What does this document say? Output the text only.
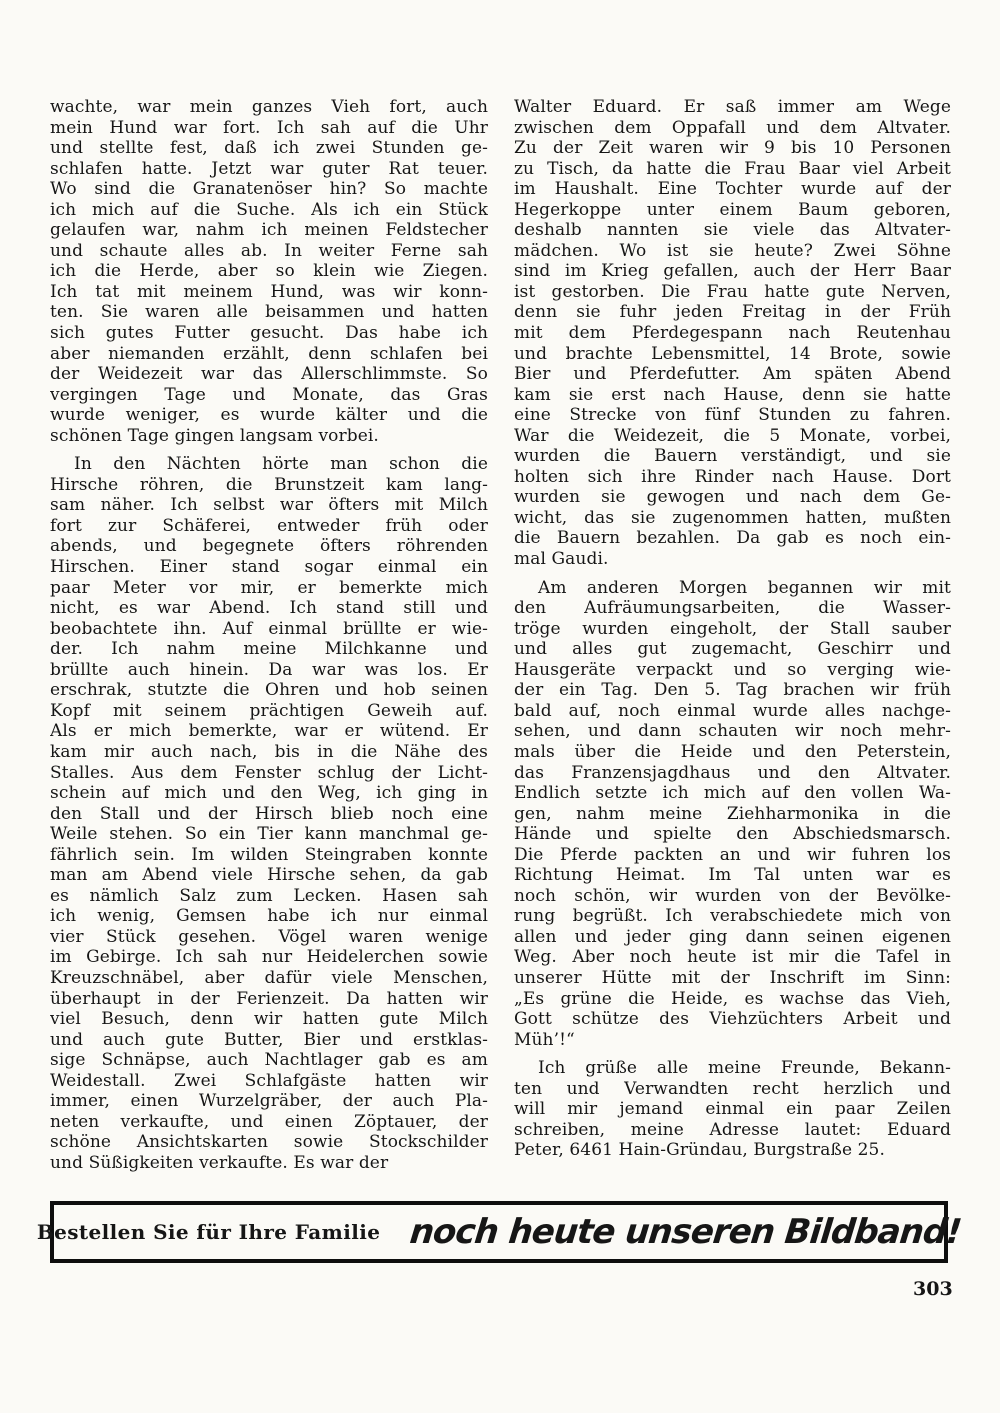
wachte, war mein ganzes Vieh fort, auch
mein Hund war fort. Ich sah auf die Uhr
und stellte fest, daß ich zwei Stunden ge-
schlafen hatte. Jetzt war guter Rat teuer.
Wo sind die Granatenöser hin? So machte
ich mich auf die Suche. Als ich ein Stück
gelaufen war, nahm ich meinen Feldstecher
und schaute alles ab. In weiter Ferne sah
ich die Herde, aber so klein wie Ziegen.
Ich tat mit meinem Hund, was wir konn-
ten. Sie waren alle beisammen und hatten
sich gutes Futter gesucht. Das habe ich
aber niemanden erzählt, denn schlafen bei
der Weidezeit war das Allerschlimmste. So
vergingen Tage und Monate, das Gras
wurde weniger, es wurde kälter und die
schönen Tage gingen langsam vorbei.
In den Nächten hörte man schon die
Hirsche röhren, die Brunstzeit kam lang-
sam näher. Ich selbst war öfters mit Milch
fort zur Schäferei, entweder früh oder
abends, und begegnete öfters röhrenden
Hirschen. Einer stand sogar einmal ein
paar Meter vor mir, er bemerkte mich
nicht, es war Abend. Ich stand still und
beobachtete ihn. Auf einmal brüllte er wie-
der. Ich nahm meine Milchkanne und
brüllte auch hinein. Da war was los. Er
erschrak, stutzte die Ohren und hob seinen
Kopf mit seinem prächtigen Geweih auf.
Als er mich bemerkte, war er wütend. Er
kam mir auch nach, bis in die Nähe des
Stalles. Aus dem Fenster schlug der Licht-
schein auf mich und den Weg, ich ging in
den Stall und der Hirsch blieb noch eine
Weile stehen. So ein Tier kann manchmal ge-
fährlich sein. Im wilden Steingraben konnte
man am Abend viele Hirsche sehen, da gab
es nämlich Salz zum Lecken. Hasen sah
ich wenig, Gemsen habe ich nur einmal
vier Stück gesehen. Vögel waren wenige
im Gebirge. Ich sah nur Heidelerchen sowie
Kreuzschnäbel, aber dafür viele Menschen,
überhaupt in der Ferienzeit. Da hatten wir
viel Besuch, denn wir hatten gute Milch
und auch gute Butter, Bier und erstklas-
sige Schnäpse, auch Nachtlager gab es am
Weidestall. Zwei Schlafgäste hatten wir
immer, einen Wurzelgräber, der auch Pla-
neten verkaufte, und einen Zöptauer, der
schöne Ansichtskarten sowie Stockschilder
und Süßigkeiten verkaufte. Es war der
Walter Eduard. Er saß immer am Wege
zwischen dem Oppafall und dem Altvater.
Zu der Zeit waren wir 9 bis 10 Personen
zu Tisch, da hatte die Frau Baar viel Arbeit
im Haushalt. Eine Tochter wurde auf der
Hegerkoppe unter einem Baum geboren,
deshalb nannten sie viele das Altvater-
mädchen. Wo ist sie heute? Zwei Söhne
sind im Krieg gefallen, auch der Herr Baar
ist gestorben. Die Frau hatte gute Nerven,
denn sie fuhr jeden Freitag in der Früh
mit dem Pferdegespann nach Reutenhau
und brachte Lebensmittel, 14 Brote, sowie
Bier und Pferdefutter. Am späten Abend
kam sie erst nach Hause, denn sie hatte
eine Strecke von fünf Stunden zu fahren.
War die Weidezeit, die 5 Monate, vorbei,
wurden die Bauern verständigt, und sie
holten sich ihre Rinder nach Hause. Dort
wurden sie gewogen und nach dem Ge-
wicht, das sie zugenommen hatten, mußten
die Bauern bezahlen. Da gab es noch ein-
mal Gaudi.
Am anderen Morgen begannen wir mit
den Aufräumungsarbeiten, die Wasser-
tröge wurden eingeholt, der Stall sauber
und alles gut zugemacht, Geschirr und
Hausgeräte verpackt und so verging wie-
der ein Tag. Den 5. Tag brachen wir früh
bald auf, noch einmal wurde alles nachge-
sehen, und dann schauten wir noch mehr-
mals über die Heide und den Peterstein,
das Franzensjagdhaus und den Altvater.
Endlich setzte ich mich auf den vollen Wa-
gen, nahm meine Ziehharmonika in die
Hände und spielte den Abschiedsmarsch.
Die Pferde packten an und wir fuhren los
Richtung Heimat. Im Tal unten war es
noch schön, wir wurden von der Bevölke-
rung begrüßt. Ich verabschiedete mich von
allen und jeder ging dann seinen eigenen
Weg. Aber noch heute ist mir die Tafel in
unserer Hütte mit der Inschrift im Sinn:
„Es grüne die Heide, es wachse das Vieh,
Gott schütze des Viehzüchters Arbeit und
Müh’!“
Ich grüße alle meine Freunde, Bekann-
ten und Verwandten recht herzlich und
will mir jemand einmal ein paar Zeilen
schreiben, meine Adresse lautet: Eduard
Peter, 6461 Hain-Gründau, Burgstraße 25.
Bestellen Sie für Ihre Familie noch heute unseren Bildband!
303
